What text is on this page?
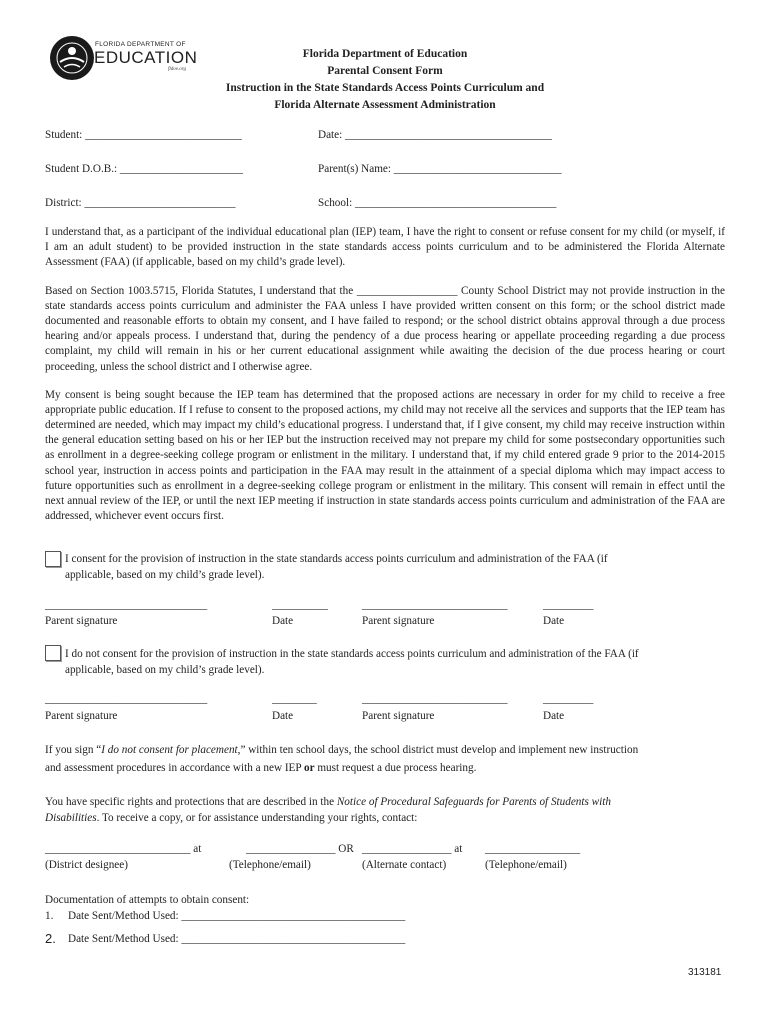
FLORIDA DEPARTMENT OF
EDUCATION
fldoe.org
Florida Department of Education
Parental Consent Form
Instruction in the State Standards Access Points Curriculum and
Florida Alternate Assessment Administration
Student: ____________________________	Date: _____________________________________
Student D.O.B.: ______________________	Parent(s) Name: ______________________________
District: ___________________________	School: ____________________________________
I understand that, as a participant of the individual educational plan (IEP) team, I have the right to consent or refuse consent for my child (or myself, if I am an adult student) to be provided instruction in the state standards access points curriculum and to be administered the Florida Alternate Assessment (FAA) (if applicable, based on my child’s grade level).
Based on Section 1003.5715, Florida Statutes, I understand that the __________________ County School District may not provide instruction in the state standards access points curriculum and administer the FAA unless I have provided written consent on this form; or the school district made documented and reasonable efforts to obtain my consent, and I have failed to respond; or the school district obtains approval through a due process hearing and/or appeals process. I understand that, during the pendency of a due process hearing or appellate proceeding regarding a due process complaint, my child will remain in his or her current educational assignment while awaiting the decision of the due process hearing or court proceeding, unless the school district and I otherwise agree.
My consent is being sought because the IEP team has determined that the proposed actions are necessary in order for my child to receive a free appropriate public education. If I refuse to consent to the proposed actions, my child may not receive all the services and supports that the IEP team has determined are needed, which may impact my child’s educational progress. I understand that, if I give consent, my child may receive instruction within the general education setting based on his or her IEP but the instruction received may not prepare my child for some postsecondary opportunities such as enrollment in a degree-seeking college program or enlistment in the military. I understand that, if my child entered grade 9 prior to the 2014-2015 school year, instruction in access points and participation in the FAA may result in the attainment of a special diploma which may impact access to future opportunities such as enrollment in a degree-seeking college program or enlistment in the military. This consent will remain in effect until the next annual review of the IEP, or until the next IEP meeting if instruction in state standards access points curriculum and administration of the FAA are addressed, whichever event occurs first.
I consent for the provision of instruction in the state standards access points curriculum and administration of the FAA (if
applicable, based on my child’s grade level).
_____________________________	__________	__________________________	_________
Parent signature	Date	Parent signature	Date
I do not consent for the provision of instruction in the state standards access points curriculum and administration of the FAA (if
applicable, based on my child’s grade level).
_____________________________	________	__________________________	_________
Parent signature	Date	Parent signature	Date
If you sign “I do not consent for placement,” within ten school days, the school district must develop and implement new instruction
and assessment procedures in accordance with a new IEP or must request a due process hearing.
You have specific rights and protections that are described in the Notice of Procedural Safeguards for Parents of Students with
Disabilities. To receive a copy, or for assistance understanding your rights, contact:
__________________________ at	________________ OR ________________ at _________________
(District designee)	(Telephone/email)	(Alternate contact)	(Telephone/email)
Documentation of attempts to obtain consent:
1. Date Sent/Method Used: ________________________________________
2. Date Sent/Method Used: ________________________________________
313181
